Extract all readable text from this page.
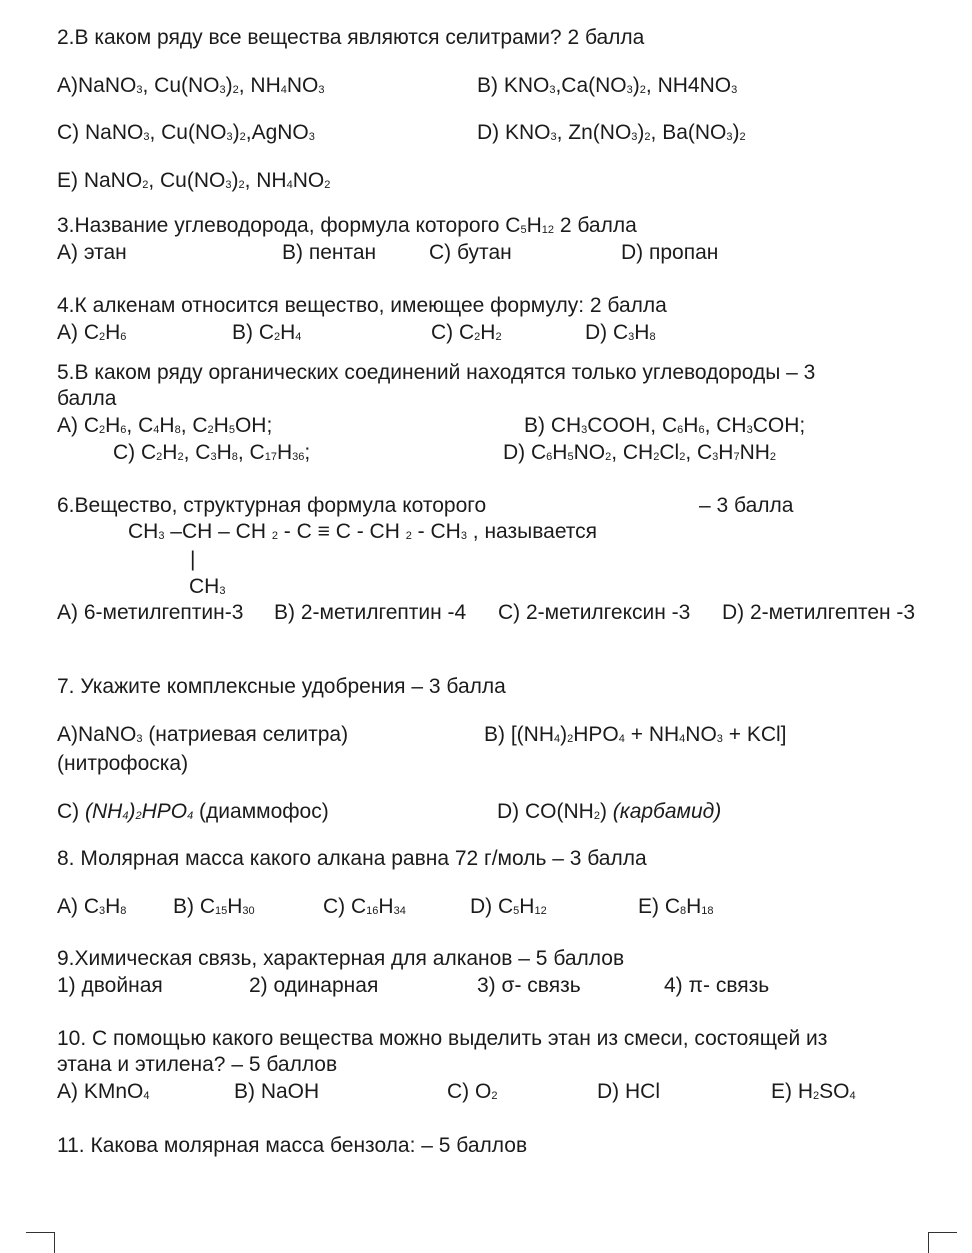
2.В каком ряду все вещества являются селитрами? 2 балла
A)NaNO$_3$, $Cu(NO_3)_2$, $NH_4NO_3$	B) $KNO_3,Ca(NO_3)_2$, $NH4NO_3$
C) NaNO$_3$, $Cu(NO_3)_2,AgNO_3$	D) $KNO_3$, $Zn(NO_3)_2$, $Ba(NO_3)_2$
E) NaNO$_2$, $Cu(NO_3)_2$, $NH_4NO_2$
3.Название углеводорода, формула которого $C_5H_{12}$ 2 балла
A) этан	B) пентан	C) бутан	D) пропан
4.К алкенам относится вещество, имеющее формулу: 2 балла
A) $C_2H_6$	B) $C_2H_4$	C) $C_2H_2$	D) $C_3H_8$
5.В каком ряду органических соединений находятся только углеводороды – 3
балла
A) $C_2H_6$, $C_4H_8$, $C_2H_5OH$;	B) $CH_3COOH$, $C_6H_6$, $CH_3COH$;
C) $C_2H_2$, $C_3H_8$, $C_{17}H_{36}$;	D) $C_6H_5NO_2$, $CH_2Cl_2$, $C_3H_7NH_2$
6.Вещество, структурная формула которого	– 3 балла
$CH_3$ –CH – CH $_2$ - C ≡ C - CH $_2 - CH_3$ , называется
|
$CH_3$
A) 6-метилгептин-3 B) 2-метилгептин -4 C) 2-метилгексин -3 D) 2-метилгептен -3
7. Укажите комплексные удобрения – 3 балла
A)NaNO$_3$ (натриевая селитра)	B) $[(NH_4)_2HPO_4 + NH_4NO_3 + KCl]$
(нитрофоска)
C) $(NH_4)_2HPO_4$ (диаммофос)	D) $CO(NH_2)$ (карбамид)
8. Молярная масса какого алкана равна 72 г/моль – 3 балла
A) $C_3H_8$ B) $C_{15}H_{30}$	C) $C_{16}H_{34}$	D) $C_5H_{12}$	E) $C_8H_{18}$
9.Химическая связь, характерная для алканов – 5 баллов
1) двойная	2) одинарная	3) σ- связь	4) π- связь
10. С помощью какого вещества можно выделить этан из смеси, состоящей из
этана и этилена? – 5 баллов
A) KMnO$_4$	B) NaOH	C) $O_2$	D) HCl	E) $H_2SO_4$
11. Какова молярная масса бензола: – 5 баллов
